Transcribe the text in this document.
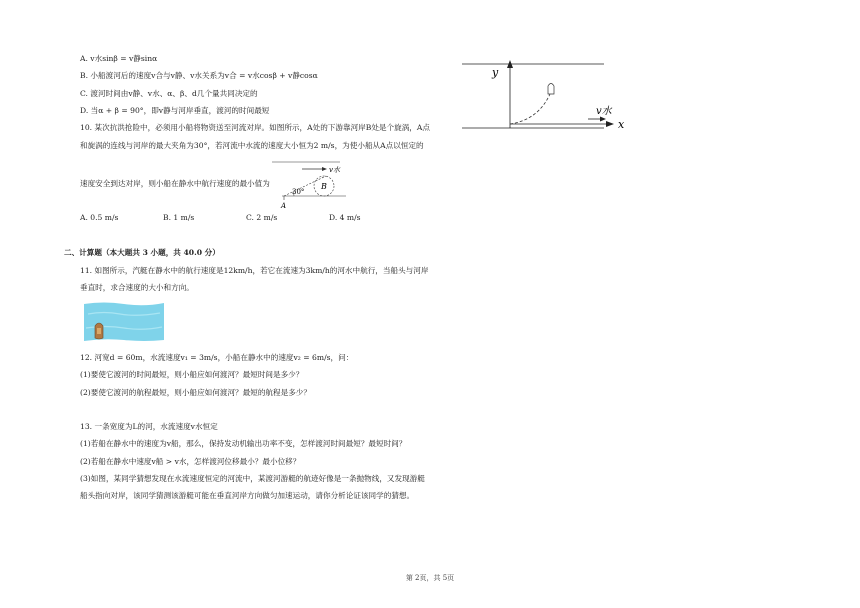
A. v水sinβ = v静sinα
B. 小船渡河后的速度v合与v静、v水关系为v合 = v水cosβ + v静cosα
C. 渡河时间由v静、v水、α、β、d几个量共同决定的
D. 当α + β = 90°，即v静与河岸垂直，渡河的时间最短
10. 某次抗洪抢险中，必须用小船将物资送至河流对岸。如图所示，A处的下游靠河岸B处是个旋涡，A点
和旋涡的连线与河岸的最大夹角为30°，若河流中水流的速度大小恒为2 m/s，为使小船从A点以恒定的
速度安全到达对岸，则小船在静水中航行速度的最小值为
v水
B
30°
A
A. 0.5 m/s	B. 1 m/s	C. 2 m/s	D. 4 m/s
二、计算题（本大题共 3 小题，共 40.0 分）
11. 如图所示，汽艇在静水中的航行速度是12km/h，若它在流速为3km/h的河水中航行，当船头与河岸
垂直时，求合速度的大小和方向。
12. 河宽d = 60m，水流速度v₁ = 3m/s，小船在静水中的速度v₂ = 6m/s，问：
(1)要使它渡河的时间最短，则小船应如何渡河？最短时间是多少？
(2)要使它渡河的航程最短，则小船应如何渡河？最短的航程是多少？
13. 一条宽度为L的河，水流速度v水恒定
(1)若船在静水中的速度为v船，那么，保持发动机输出功率不变，怎样渡河时间最短？最短时间？
(2)若船在静水中速度v船 > v水，怎样渡河位移最小？最小位移？
(3)如图，某同学猜想发现在水流速度恒定的河流中，某渡河游艇的航迹好像是一条抛物线，又发现游艇
船头指向对岸，该同学猜测该游艇可能在垂直河岸方向做匀加速运动，请你分析论证该同学的猜想。
y
x
v水
第 2页，共 5页
